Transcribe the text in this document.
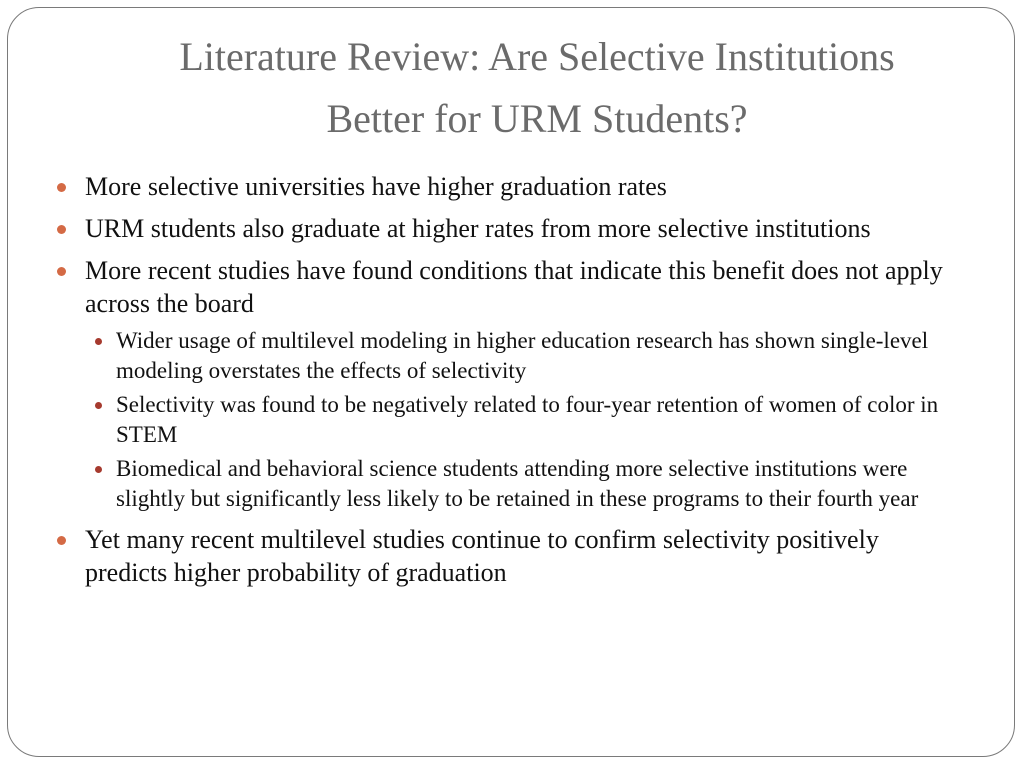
Literature Review: Are Selective Institutions
Better for URM Students?
More selective universities have higher graduation rates
URM students also graduate at higher rates from more selective institutions
More recent studies have found conditions that indicate this benefit does not apply across the board
Wider usage of multilevel modeling in higher education research has shown single-level modeling overstates the effects of selectivity
Selectivity was found to be negatively related to four-year retention of women of color in STEM
Biomedical and behavioral science students attending more selective institutions were slightly but significantly less likely to be retained in these programs to their fourth year
Yet many recent multilevel studies continue to confirm selectivity positively predicts higher probability of graduation
